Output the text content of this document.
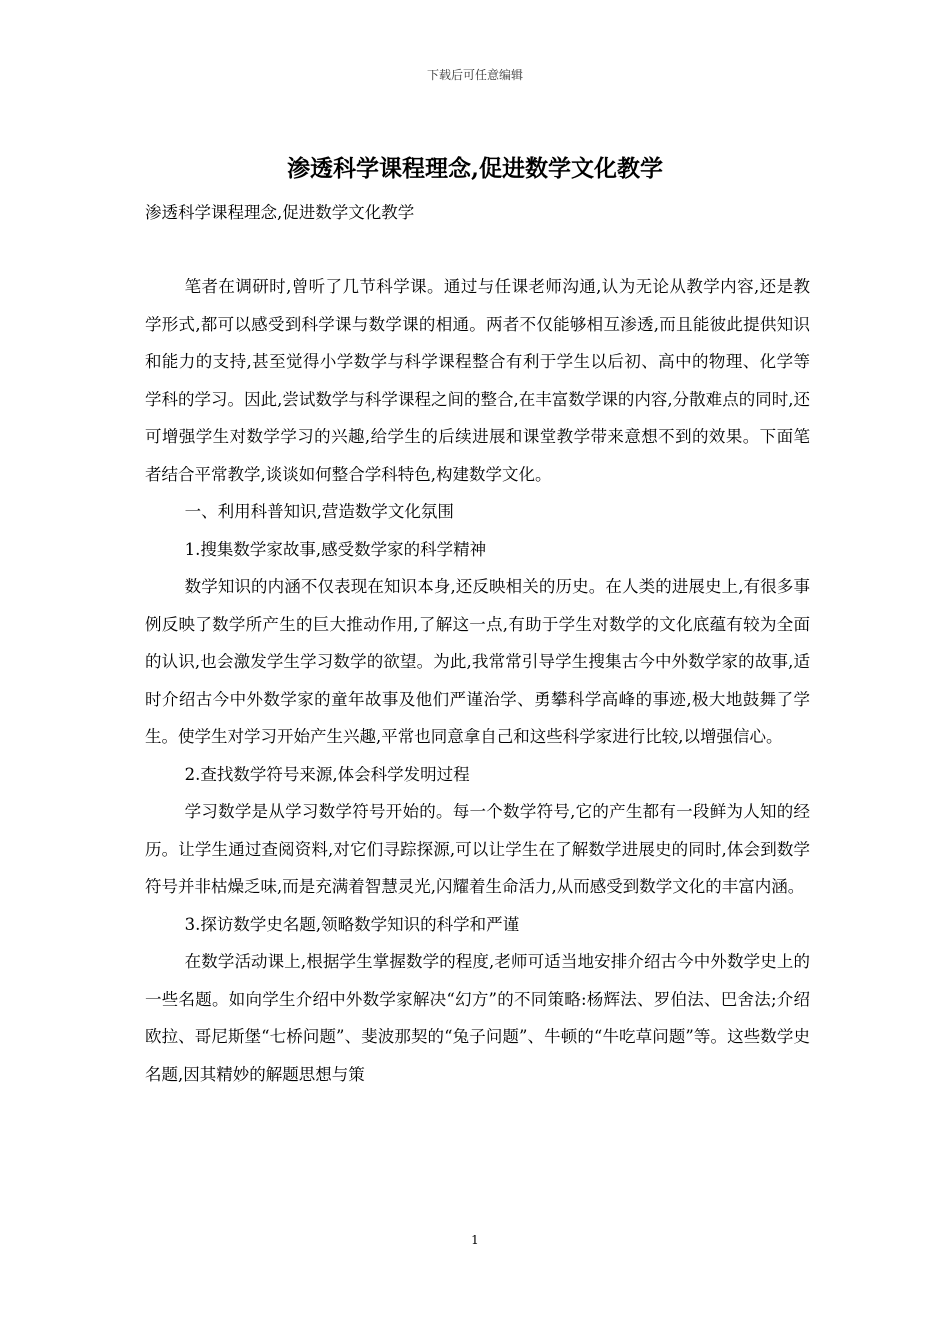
下载后可任意编辑
渗透科学课程理念,促进数学文化教学

渗透科学课程理念,促进数学文化教学

笔者在调研时,曾听了几节科学课。通过与任课老师沟通,认为无论从教学内容,还是教学形式,都可以感受到科学课与数学课的相通。两者不仅能够相互渗透,而且能彼此提供知识和能力的支持,甚至觉得小学数学与科学课程整合有利于学生以后初、高中的物理、化学等学科的学习。因此,尝试数学与科学课程之间的整合,在丰富数学课的内容,分散难点的同时,还可增强学生对数学学习的兴趣,给学生的后续进展和课堂教学带来意想不到的效果。下面笔者结合平常教学,谈谈如何整合学科特色,构建数学文化。

一、利用科普知识,营造数学文化氛围

1.搜集数学家故事,感受数学家的科学精神

数学知识的内涵不仅表现在知识本身,还反映相关的历史。在人类的进展史上,有很多事例反映了数学所产生的巨大推动作用,了解这一点,有助于学生对数学的文化底蕴有较为全面的认识,也会激发学生学习数学的欲望。为此,我常常引导学生搜集古今中外数学家的故事,适时介绍古今中外数学家的童年故事及他们严谨治学、勇攀科学高峰的事迹,极大地鼓舞了学生。使学生对学习开始产生兴趣,平常也同意拿自己和这些科学家进行比较,以增强信心。

2.查找数学符号来源,体会科学发明过程

学习数学是从学习数学符号开始的。每一个数学符号,它的产生都有一段鲜为人知的经历。让学生通过查阅资料,对它们寻踪探源,可以让学生在了解数学进展史的同时,体会到数学符号并非枯燥乏味,而是充满着智慧灵光,闪耀着生命活力,从而感受到数学文化的丰富内涵。

3.探访数学史名题,领略数学知识的科学和严谨

在数学活动课上,根据学生掌握数学的程度,老师可适当地安排介绍古今中外数学史上的一些名题。如向学生介绍中外数学家解决“幻方”的不同策略:杨辉法、罗伯法、巴舍法;介绍欧拉、哥尼斯堡“七桥问题”、斐波那契的“兔子问题”、牛顿的“牛吃草问题”等。这些数学史名题,因其精妙的解题思想与策

1
